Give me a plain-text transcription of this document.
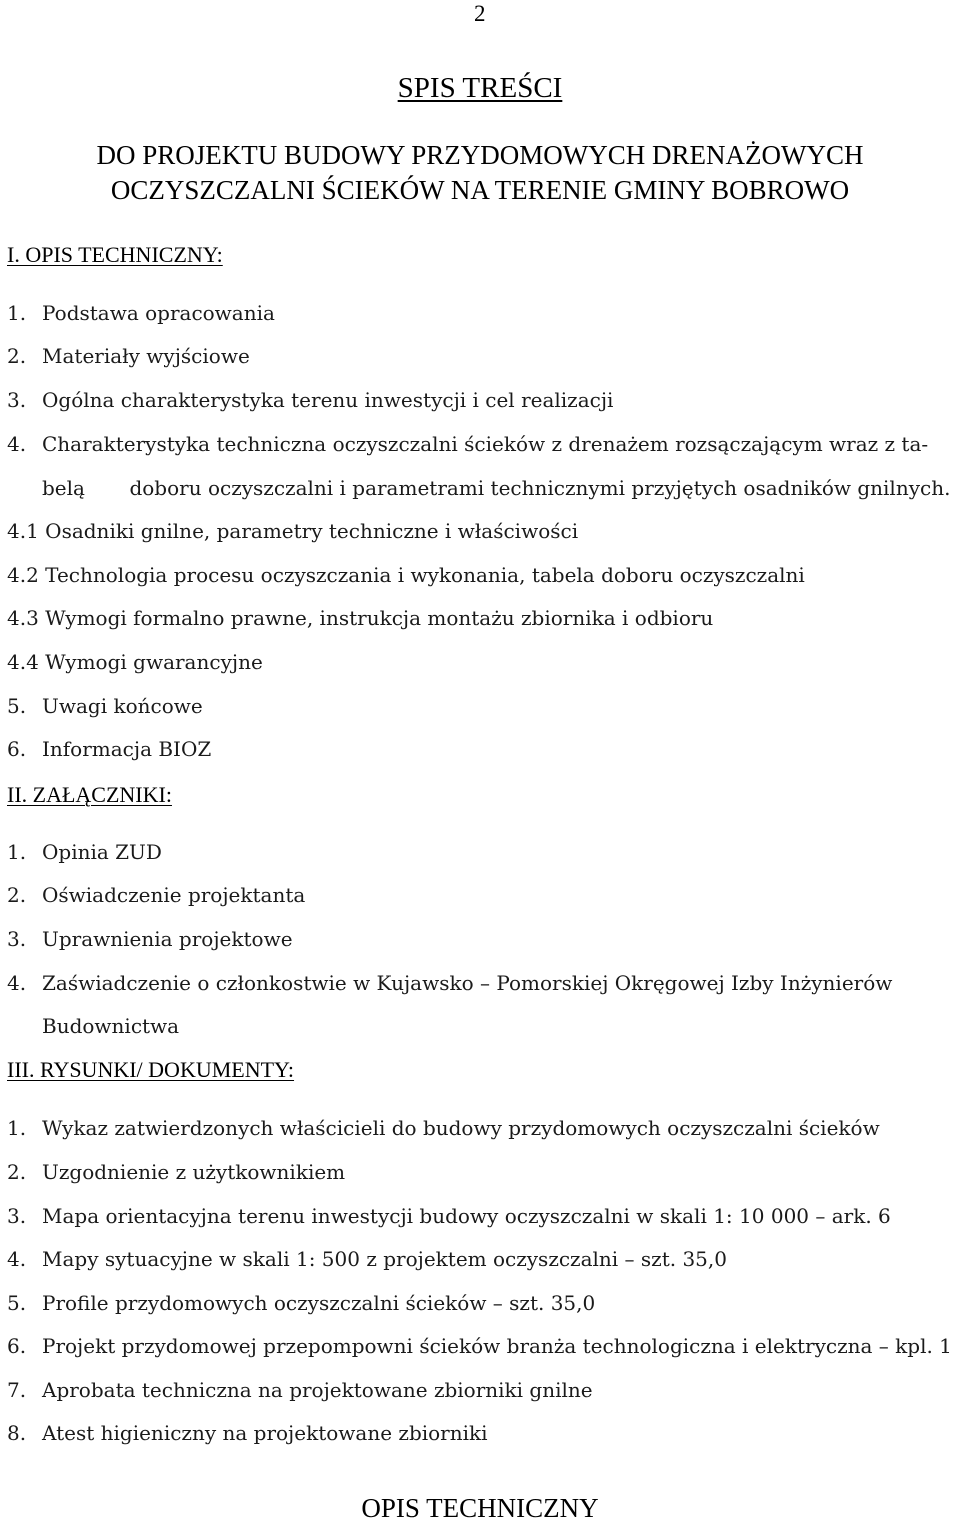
2
SPIS TREŚCI
DO PROJEKTU BUDOWY PRZYDOMOWYCH DRENAŻOWYCH
OCZYSZCZALNI ŚCIEKÓW NA TERENIE GMINY BOBROWO
I. OPIS TECHNICZNY:
1. Podstawa opracowania
2. Materiały wyjściowe
3. Ogólna charakterystyka terenu inwestycji i cel realizacji
4. Charakterystyka techniczna oczyszczalni ścieków z drenażem rozsączającym wraz z ta-
belą       doboru oczyszczalni i parametrami technicznymi przyjętych osadników gnilnych.
4.1 Osadniki gnilne, parametry techniczne i właściwości
4.2 Technologia procesu oczyszczania i wykonania, tabela doboru oczyszczalni
4.3 Wymogi formalno prawne, instrukcja montażu zbiornika i odbioru
4.4 Wymogi gwarancyjne
5. Uwagi końcowe
6. Informacja BIOZ
II. ZAŁĄCZNIKI:
1. Opinia ZUD
2. Oświadczenie projektanta
3. Uprawnienia projektowe
4. Zaświadczenie o członkostwie w Kujawsko – Pomorskiej Okręgowej Izby Inżynierów
Budownictwa
III. RYSUNKI/ DOKUMENTY:
1. Wykaz zatwierdzonych właścicieli do budowy przydomowych oczyszczalni ścieków
2. Uzgodnienie z użytkownikiem
3. Mapa orientacyjna terenu inwestycji budowy oczyszczalni w skali 1: 10 000 – ark. 6
4. Mapy sytuacyjne w skali 1: 500 z projektem oczyszczalni – szt. 35,0
5. Profile przydomowych oczyszczalni ścieków – szt. 35,0
6. Projekt przydomowej przepompowni ścieków branża technologiczna i elektryczna – kpl. 1
7. Aprobata techniczna na projektowane zbiorniki gnilne
8. Atest higieniczny na projektowane zbiorniki
OPIS TECHNICZNY
